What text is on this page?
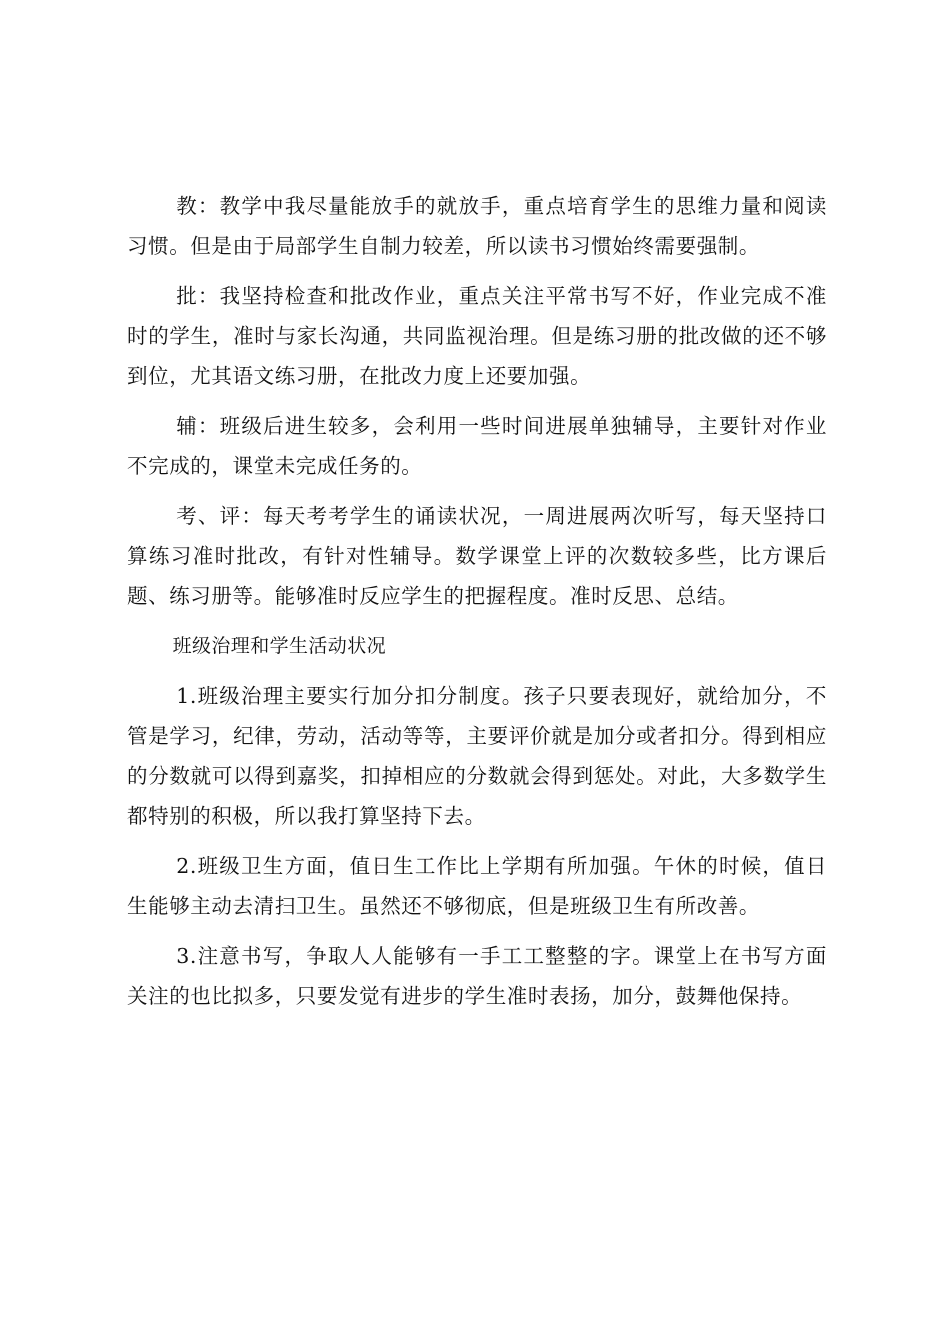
教：教学中我尽量能放手的就放手，重点培育学生的思维力量和阅读习惯。但是由于局部学生自制力较差，所以读书习惯始终需要强制。

批：我坚持检查和批改作业，重点关注平常书写不好，作业完成不准时的学生，准时与家长沟通，共同监视治理。但是练习册的批改做的还不够到位，尤其语文练习册，在批改力度上还要加强。

辅：班级后进生较多，会利用一些时间进展单独辅导，主要针对作业不完成的，课堂未完成任务的。

考、评：每天考考学生的诵读状况，一周进展两次听写，每天坚持口算练习准时批改，有针对性辅导。数学课堂上评的次数较多些，比方课后题、练习册等。能够准时反应学生的把握程度。准时反思、总结。

班级治理和学生活动状况

1.班级治理主要实行加分扣分制度。孩子只要表现好，就给加分，不管是学习，纪律，劳动，活动等等，主要评价就是加分或者扣分。得到相应的分数就可以得到嘉奖，扣掉相应的分数就会得到惩处。对此，大多数学生都特别的积极，所以我打算坚持下去。

2.班级卫生方面，值日生工作比上学期有所加强。午休的时候，值日生能够主动去清扫卫生。虽然还不够彻底，但是班级卫生有所改善。

3.注意书写，争取人人能够有一手工工整整的字。课堂上在书写方面关注的也比拟多，只要发觉有进步的学生准时表扬，加分，鼓舞他保持。
